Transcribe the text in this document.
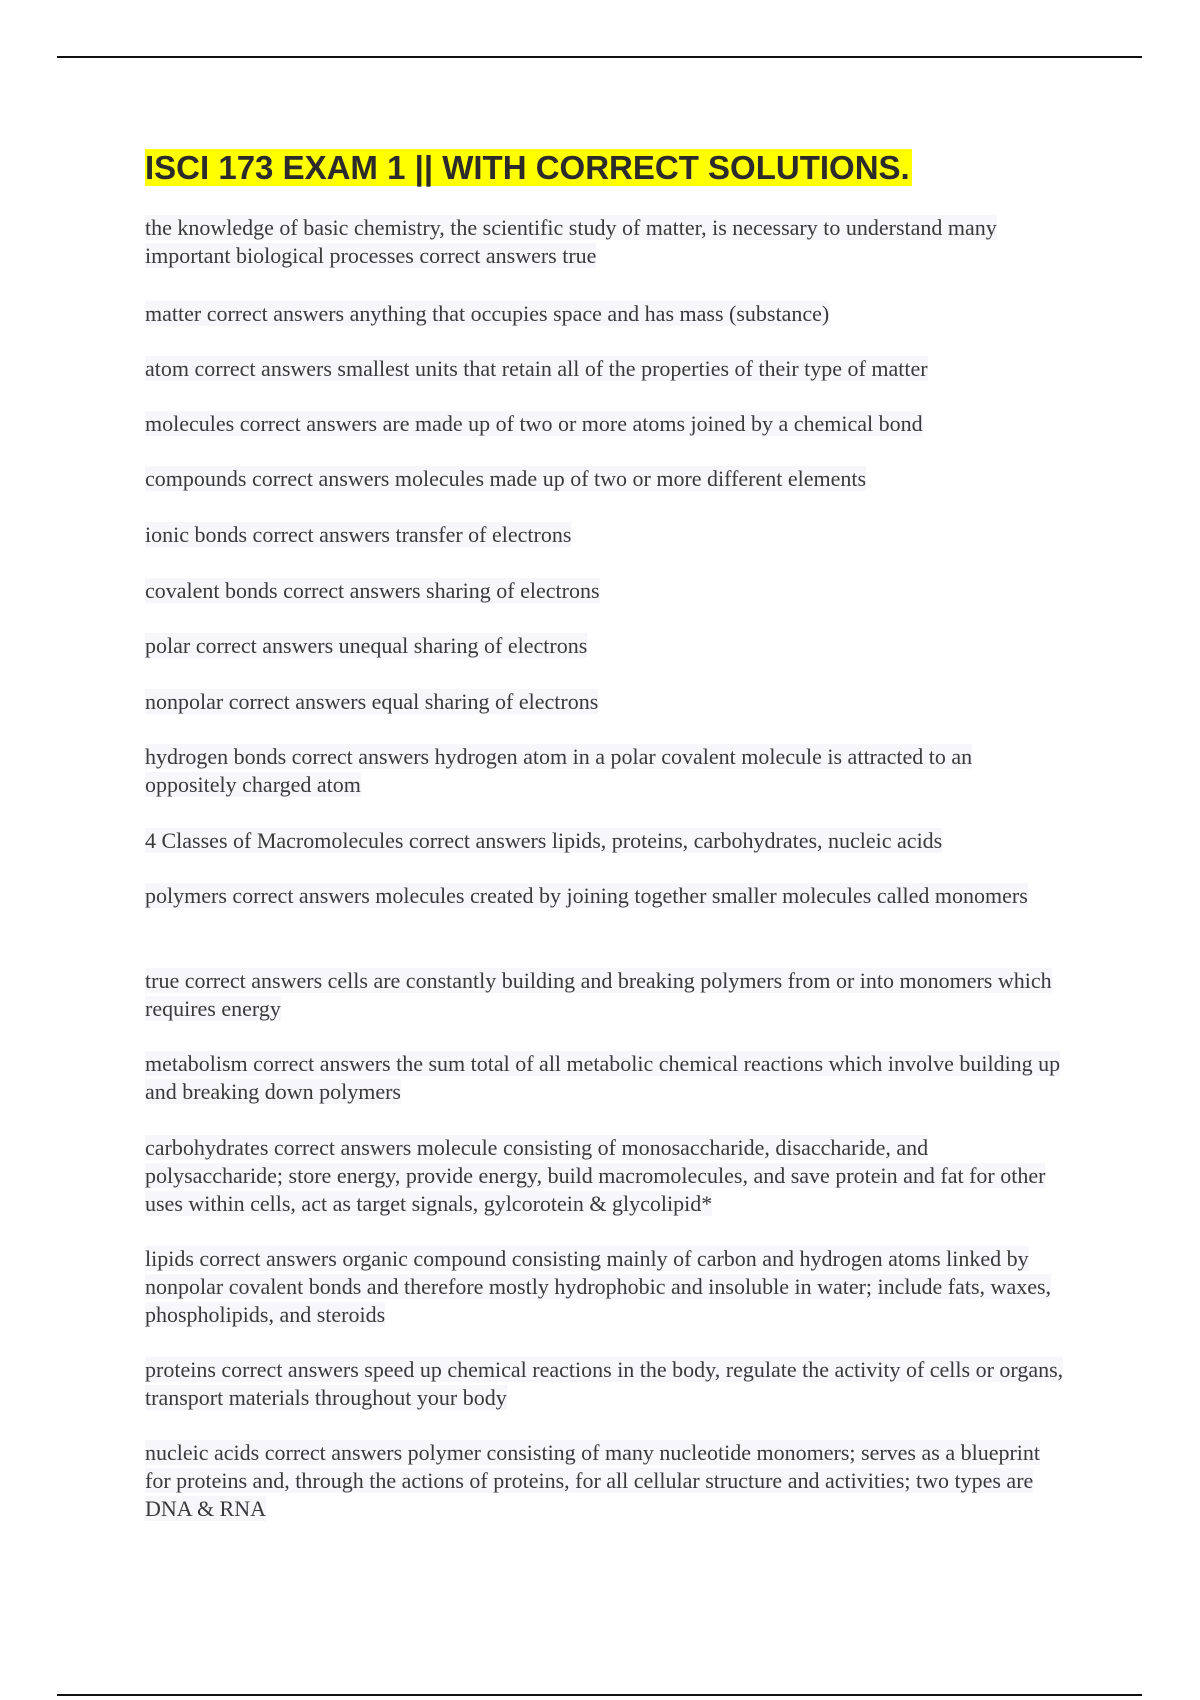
ISCI 173 EXAM 1 || WITH CORRECT SOLUTIONS.

the knowledge of basic chemistry, the scientific study of matter, is necessary to understand many important biological processes correct answers true

matter correct answers anything that occupies space and has mass (substance)

atom correct answers smallest units that retain all of the properties of their type of matter

molecules correct answers are made up of two or more atoms joined by a chemical bond

compounds correct answers molecules made up of two or more different elements

ionic bonds correct answers transfer of electrons

covalent bonds correct answers sharing of electrons

polar correct answers unequal sharing of electrons

nonpolar correct answers equal sharing of electrons

hydrogen bonds correct answers hydrogen atom in a polar covalent molecule is attracted to an oppositely charged atom

4 Classes of Macromolecules correct answers lipids, proteins, carbohydrates, nucleic acids

polymers correct answers molecules created by joining together smaller molecules called monomers

true correct answers cells are constantly building and breaking polymers from or into monomers which requires energy

metabolism correct answers the sum total of all metabolic chemical reactions which involve building up and breaking down polymers

carbohydrates correct answers molecule consisting of monosaccharide, disaccharide, and polysaccharide; store energy, provide energy, build macromolecules, and save protein and fat for other uses within cells, act as target signals, gylcorotein & glycolipid*

lipids correct answers organic compound consisting mainly of carbon and hydrogen atoms linked by nonpolar covalent bonds and therefore mostly hydrophobic and insoluble in water; include fats, waxes, phospholipids, and steroids

proteins correct answers speed up chemical reactions in the body, regulate the activity of cells or organs, transport materials throughout your body

nucleic acids correct answers polymer consisting of many nucleotide monomers; serves as a blueprint for proteins and, through the actions of proteins, for all cellular structure and activities; two types are DNA & RNA
